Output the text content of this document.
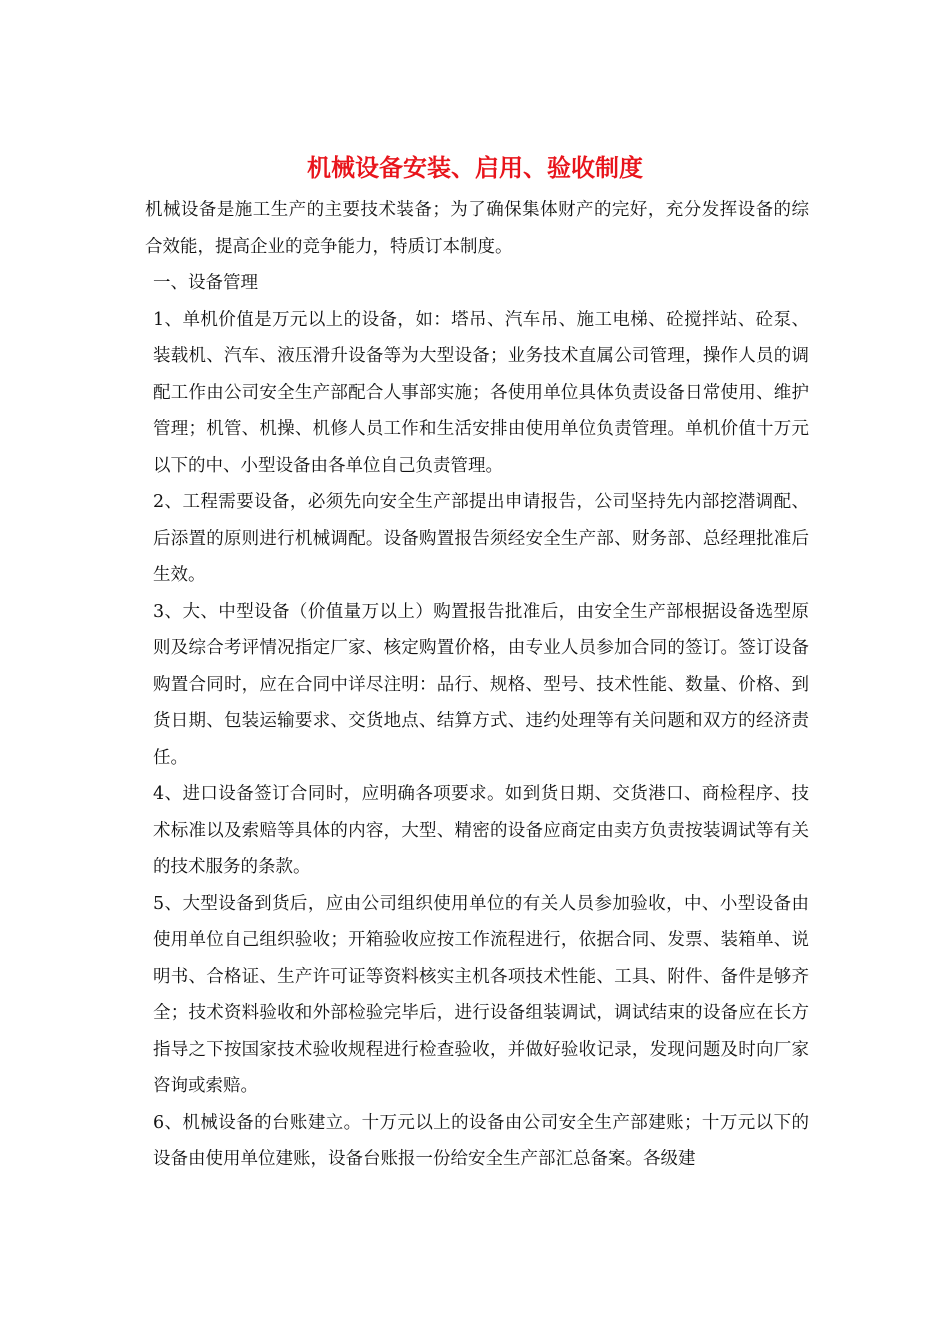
机械设备安装、启用、验收制度

机械设备是施工生产的主要技术装备；为了确保集体财产的完好，充分发挥设备的综合效能，提高企业的竞争能力，特质订本制度。

一、设备管理

1、单机价值是万元以上的设备，如：塔吊、汽车吊、施工电梯、砼搅拌站、砼泵、装载机、汽车、液压滑升设备等为大型设备；业务技术直属公司管理，操作人员的调配工作由公司安全生产部配合人事部实施；各使用单位具体负责设备日常使用、维护管理；机管、机操、机修人员工作和生活安排由使用单位负责管理。单机价值十万元以下的中、小型设备由各单位自己负责管理。

2、工程需要设备，必须先向安全生产部提出申请报告，公司坚持先内部挖潜调配、后添置的原则进行机械调配。设备购置报告须经安全生产部、财务部、总经理批准后生效。

3、大、中型设备（价值量万以上）购置报告批准后，由安全生产部根据设备选型原则及综合考评情况指定厂家、核定购置价格，由专业人员参加合同的签订。签订设备购置合同时，应在合同中详尽注明：品行、规格、型号、技术性能、数量、价格、到货日期、包装运输要求、交货地点、结算方式、违约处理等有关问题和双方的经济责任。

4、进口设备签订合同时，应明确各项要求。如到货日期、交货港口、商检程序、技术标准以及索赔等具体的内容，大型、精密的设备应商定由卖方负责按装调试等有关的技术服务的条款。

5、大型设备到货后，应由公司组织使用单位的有关人员参加验收，中、小型设备由使用单位自己组织验收；开箱验收应按工作流程进行，依据合同、发票、装箱单、说明书、合格证、生产许可证等资料核实主机各项技术性能、工具、附件、备件是够齐全；技术资料验收和外部检验完毕后，进行设备组装调试，调试结束的设备应在长方指导之下按国家技术验收规程进行检查验收，并做好验收记录，发现问题及时向厂家咨询或索赔。

6、机械设备的台账建立。十万元以上的设备由公司安全生产部建账；十万元以下的设备由使用单位建账，设备台账报一份给安全生产部汇总备案。各级建
